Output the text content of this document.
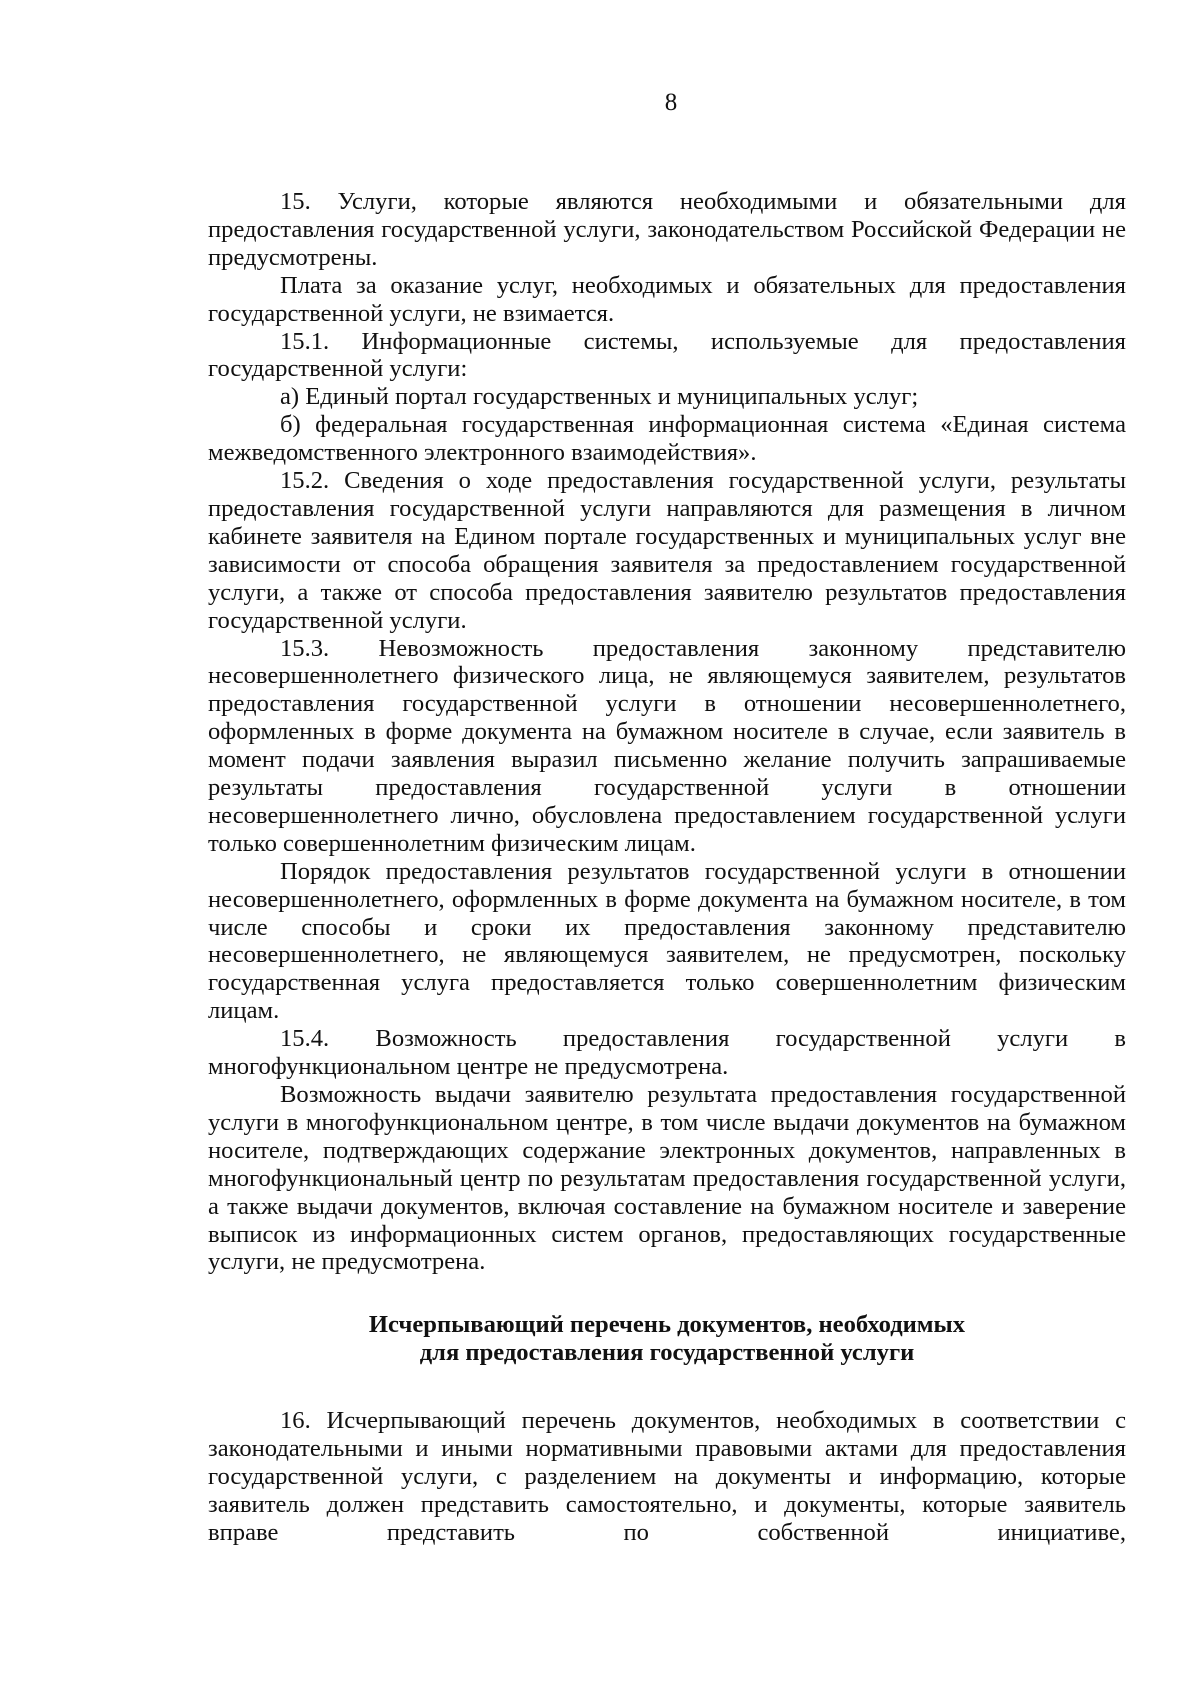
8

15. Услуги, которые являются необходимыми и обязательными для предоставления государственной услуги, законодательством Российской Федерации не предусмотрены.

Плата за оказание услуг, необходимых и обязательных для предоставления государственной услуги, не взимается.

15.1. Информационные системы, используемые для предоставления государственной услуги:

а) Единый портал государственных и муниципальных услуг;

б) федеральная государственная информационная система «Единая система межведомственного электронного взаимодействия».

15.2. Сведения о ходе предоставления государственной услуги, результаты предоставления государственной услуги направляются для размещения в личном кабинете заявителя на Едином портале государственных и муниципальных услуг вне зависимости от способа обращения заявителя за предоставлением государственной услуги, а также от способа предоставления заявителю результатов предоставления государственной услуги.

15.3. Невозможность предоставления законному представителю несовершеннолетнего физического лица, не являющемуся заявителем, результатов предоставления государственной услуги в отношении несовершеннолетнего, оформленных в форме документа на бумажном носителе в случае, если заявитель в момент подачи заявления выразил письменно желание получить запрашиваемые результаты предоставления государственной услуги в отношении несовершеннолетнего лично, обусловлена предоставлением государственной услуги только совершеннолетним физическим лицам.

Порядок предоставления результатов государственной услуги в отношении несовершеннолетнего, оформленных в форме документа на бумажном носителе, в том числе способы и сроки их предоставления законному представителю несовершеннолетнего, не являющемуся заявителем, не предусмотрен, поскольку государственная услуга предоставляется только совершеннолетним физическим лицам.

15.4. Возможность предоставления государственной услуги в многофункциональном центре не предусмотрена.

Возможность выдачи заявителю результата предоставления государственной услуги в многофункциональном центре, в том числе выдачи документов на бумажном носителе, подтверждающих содержание электронных документов, направленных в многофункциональный центр по результатам предоставления государственной услуги, а также выдачи документов, включая составление на бумажном носителе и заверение выписок из информационных систем органов, предоставляющих государственные услуги, не предусмотрена.

Исчерпывающий перечень документов, необходимых
для предоставления государственной услуги

16. Исчерпывающий перечень документов, необходимых в соответствии с законодательными и иными нормативными правовыми актами для предоставления государственной услуги, с разделением на документы и информацию, которые заявитель должен представить самостоятельно, и документы, которые заявитель вправе представить по собственной инициативе,
